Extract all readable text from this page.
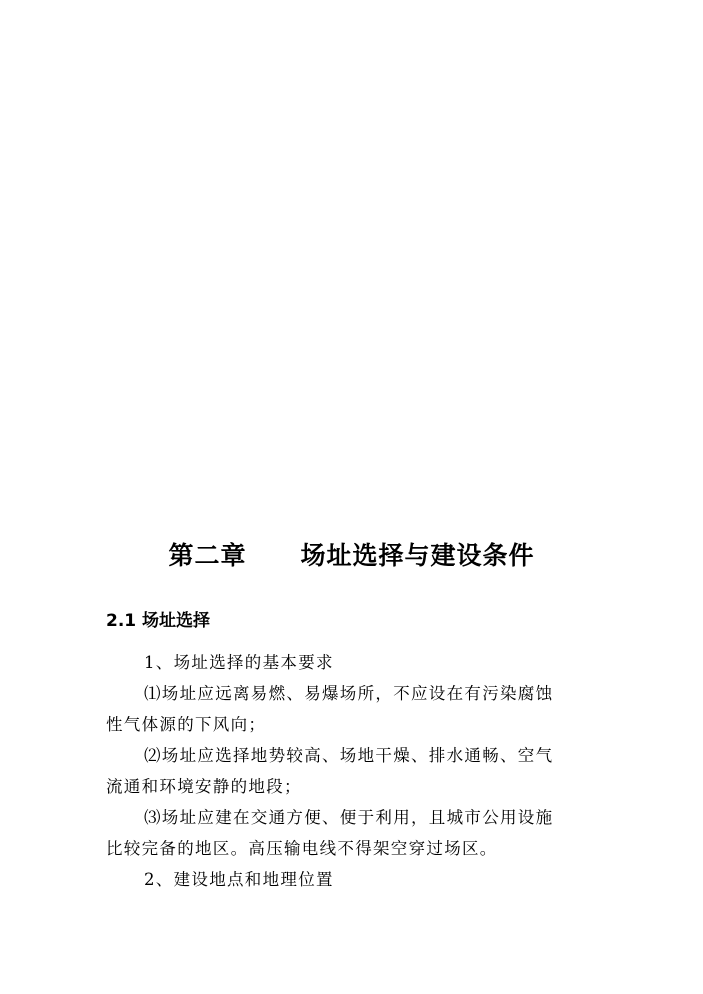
第二章 场址选择与建设条件
2.1 场址选择
1、场址选择的基本要求
⑴场址应远离易燃、易爆场所，不应设在有污染腐蚀
性气体源的下风向；
⑵场址应选择地势较高、场地干燥、排水通畅、空气
流通和环境安静的地段；
⑶场址应建在交通方便、便于利用，且城市公用设施
比较完备的地区。高压输电线不得架空穿过场区。
2、建设地点和地理位置
